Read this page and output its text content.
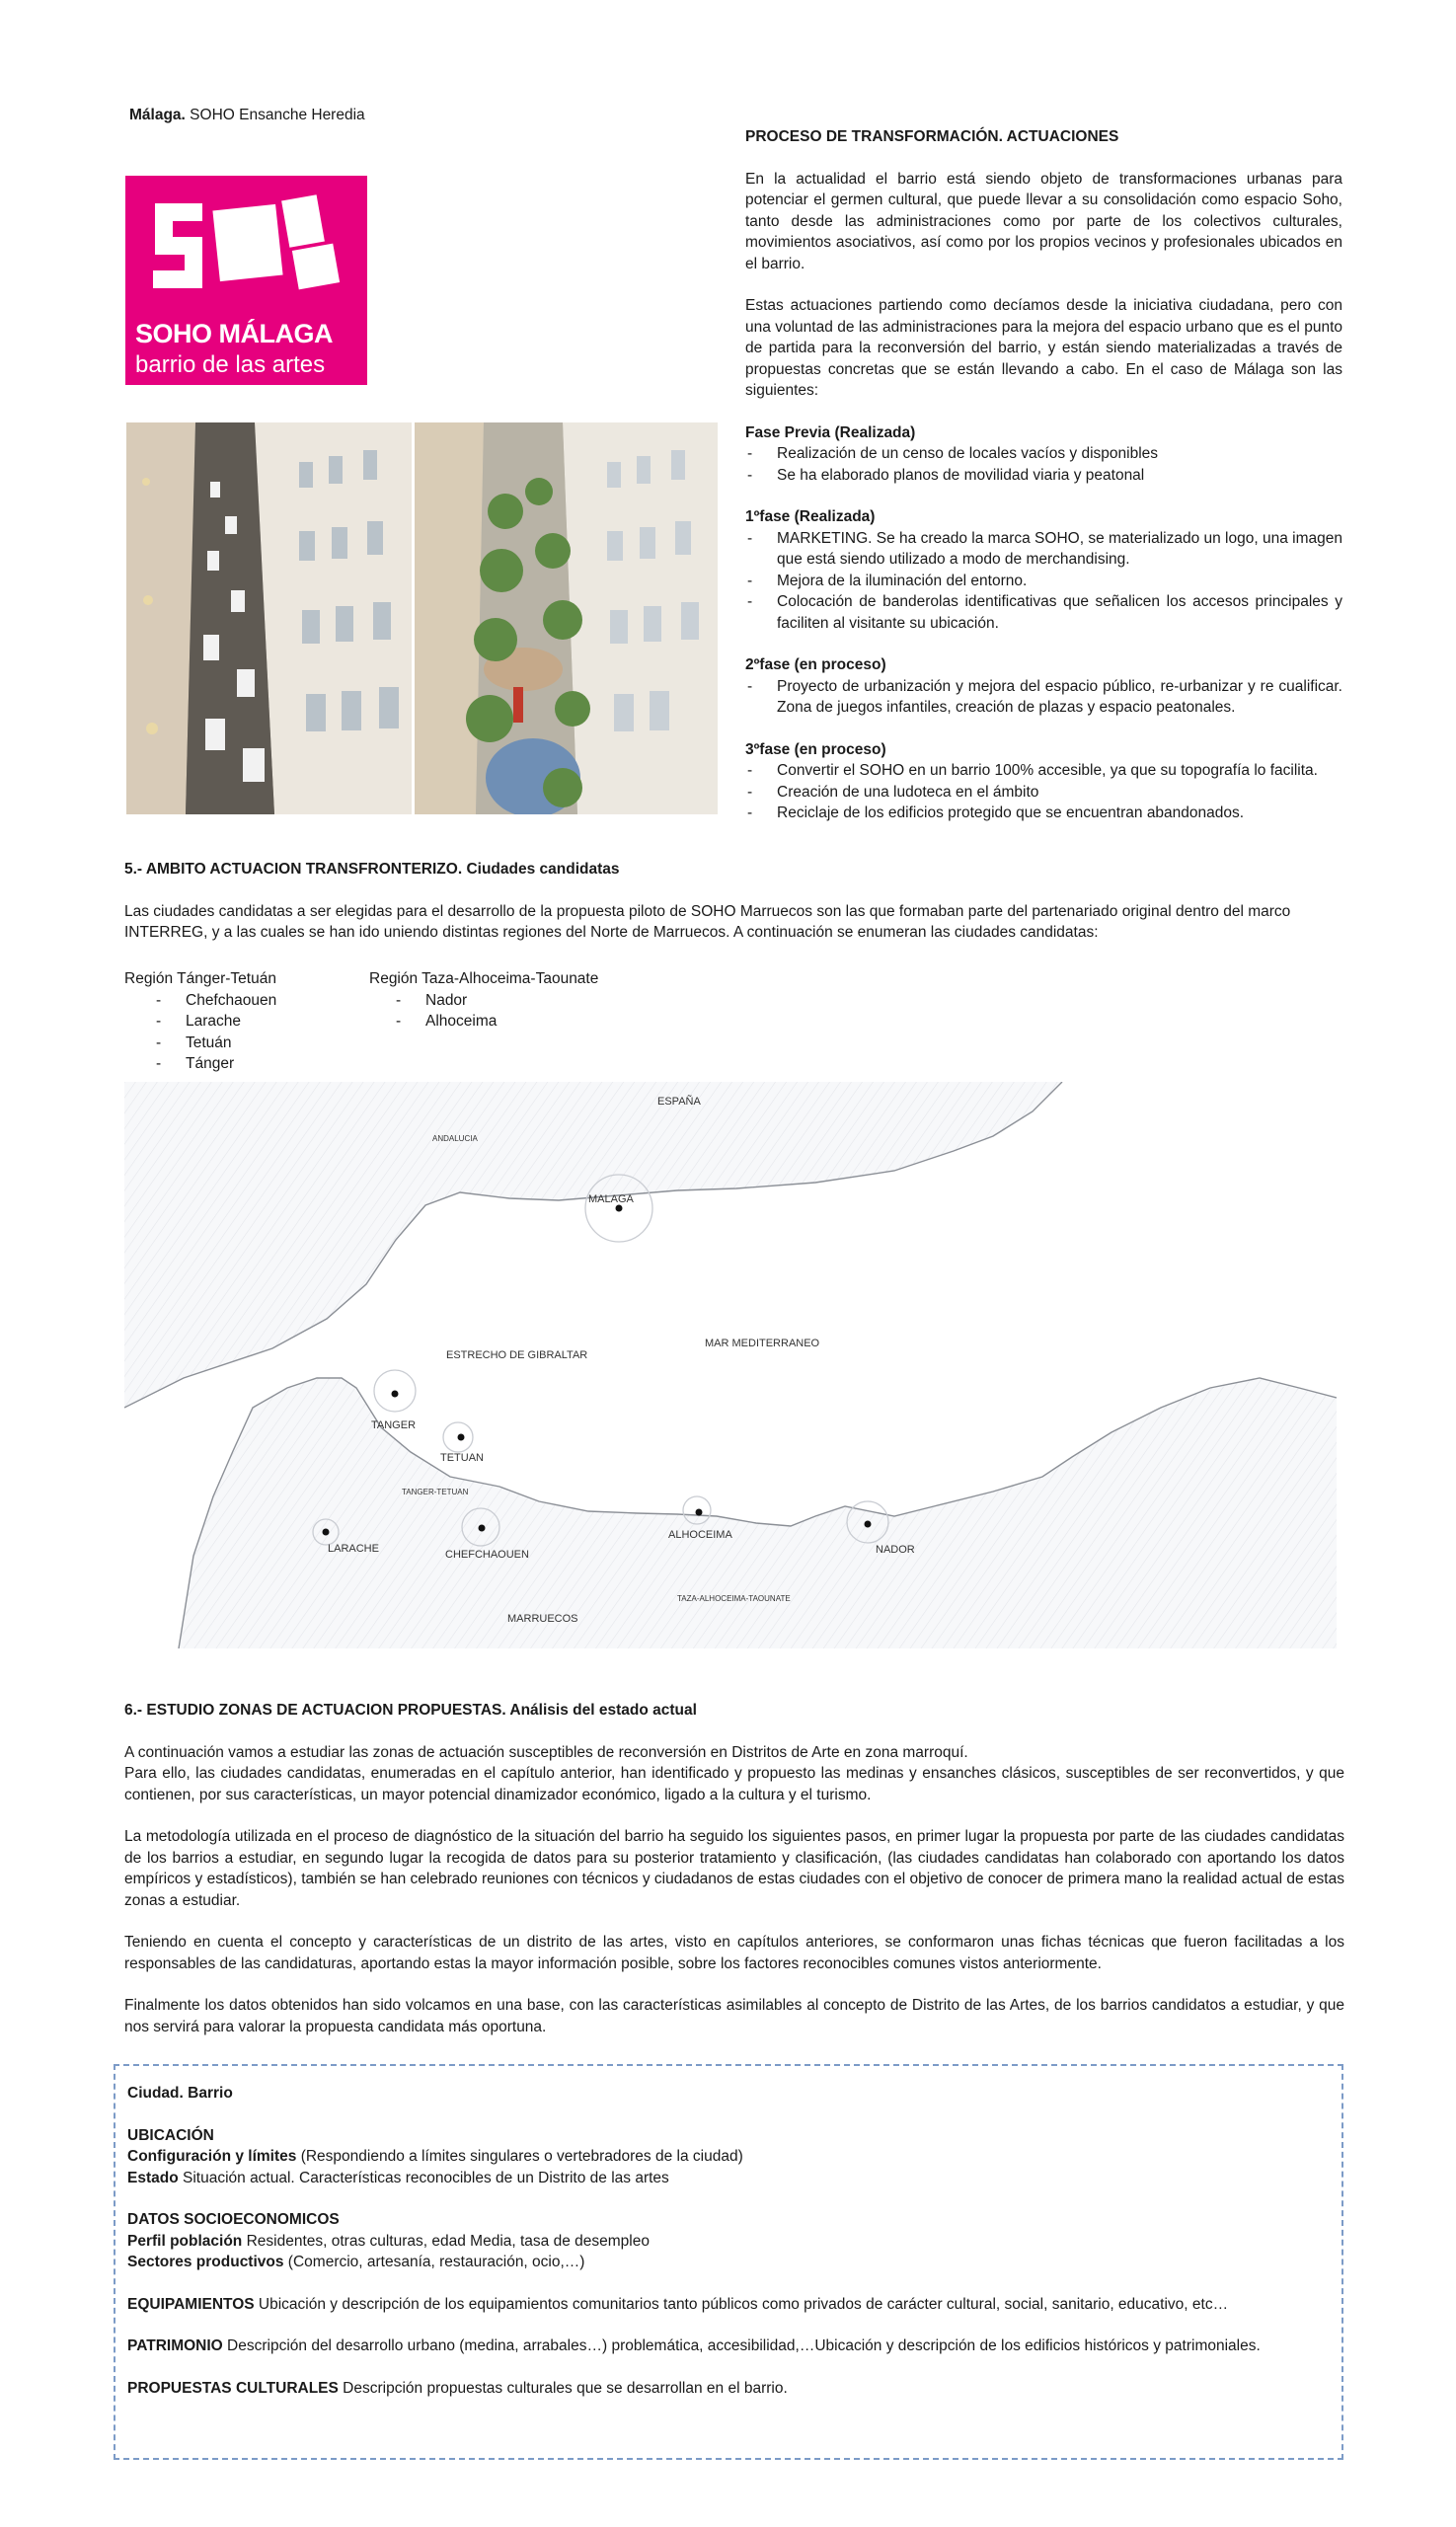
Málaga. SOHO Ensanche Heredia
SOHO MÁLAGA
barrio de las artes

PROCESO DE TRANSFORMACIÓN. ACTUACIONES

En la actualidad el barrio está siendo objeto de transformaciones urbanas para potenciar el germen cultural, que puede llevar a su consolidación como espacio Soho, tanto desde las administraciones como por parte de los colectivos culturales, movimientos asociativos, así como por los propios vecinos y profesionales ubicados en el barrio.

Estas actuaciones partiendo como decíamos desde la iniciativa ciudadana, pero con una voluntad de las administraciones para la mejora del espacio urbano que es el punto de partida para la reconversión del barrio, y están siendo materializadas a través de propuestas concretas que se están llevando a cabo. En el caso de Málaga son las siguientes:

Fase Previa (Realizada)

- Realización de un censo de locales vacíos y disponibles

- Se ha elaborado planos de movilidad viaria y peatonal

1ºfase (Realizada)

- MARKETING. Se ha creado la marca SOHO, se materializado un logo, una imagen que está siendo utilizado a modo de merchandising.

- Mejora de la iluminación del entorno.

- Colocación de banderolas identificativas que señalicen los accesos principales y faciliten al visitante su ubicación.

2ºfase (en proceso)

- Proyecto de urbanización y mejora del espacio público, re-urbanizar y re cualificar. Zona de juegos infantiles, creación de plazas y espacio peatonales.

3ºfase (en proceso)

- Convertir el SOHO en un barrio 100% accesible, ya que su topografía lo facilita.

- Creación de una ludoteca en el ámbito

- Reciclaje de los edificios protegido que se encuentran abandonados.

5.- AMBITO ACTUACION TRANSFRONTERIZO. Ciudades candidatas

Las ciudades candidatas a ser elegidas para el desarrollo de la propuesta piloto de SOHO Marruecos son las que formaban parte del partenariado original dentro del marco INTERREG, y a las cuales se han ido uniendo distintas regiones del Norte de Marruecos. A continuación se enumeran las ciudades candidatas:

Región Tánger-Tetuán

- Chefchaouen

- Larache

- Tetuán

- Tánger

Región Taza-Alhoceima-Taounate

- Nador

- Alhoceima

ESPAÑA
ANDALUCIA
MALAGA
ESTRECHO DE GIBRALTAR
MAR MEDITERRANEO
TANGER
TETUAN
TANGER-TETUAN
LARACHE	CHEFCHAOUEN
ALHOCEIMA
NADOR
TAZA-ALHOCEIMA-TAOUNATE
MARRUECOS

6.- ESTUDIO ZONAS DE ACTUACION PROPUESTAS. Análisis del estado actual

A continuación vamos a estudiar las zonas de actuación susceptibles de reconversión en Distritos de Arte en zona marroquí.

Para ello, las ciudades candidatas, enumeradas en el capítulo anterior, han identificado y propuesto las medinas y ensanches clásicos, susceptibles de ser reconvertidos, y que contienen, por sus características, un mayor potencial dinamizador económico, ligado a la cultura y el turismo.

La metodología utilizada en el proceso de diagnóstico de la situación del barrio ha seguido los siguientes pasos, en primer lugar la propuesta por parte de las ciudades candidatas de los barrios a estudiar, en segundo lugar la recogida de datos para su posterior tratamiento y clasificación, (las ciudades candidatas han colaborado con aportando los datos empíricos y estadísticos), también se han celebrado reuniones con técnicos y ciudadanos de estas ciudades con el objetivo de conocer de primera mano la realidad actual de estas zonas a estudiar.

Teniendo en cuenta el concepto y características de un distrito de las artes, visto en capítulos anteriores, se conformaron unas fichas técnicas que fueron facilitadas a los responsables de las candidaturas, aportando estas la mayor información posible, sobre los factores reconocibles comunes vistos anteriormente.

Finalmente los datos obtenidos han sido volcamos en una base, con las características asimilables al concepto de Distrito de las Artes, de los barrios candidatos a estudiar, y que nos servirá para valorar la propuesta candidata más oportuna.

Ciudad. Barrio

UBICACIÓN

Configuración y límites (Respondiendo a límites singulares o vertebradores de la ciudad)

Estado Situación actual. Características reconocibles de un Distrito de las artes

DATOS SOCIOECONOMICOS

Perfil población Residentes, otras culturas, edad Media, tasa de desempleo

Sectores productivos (Comercio, artesanía, restauración, ocio,…)

EQUIPAMIENTOS Ubicación y descripción de los equipamientos comunitarios tanto públicos como privados de carácter cultural, social, sanitario, educativo, etc…

PATRIMONIO Descripción del desarrollo urbano (medina, arrabales…) problemática, accesibilidad,…Ubicación y descripción de los edificios históricos y patrimoniales.

PROPUESTAS CULTURALES Descripción propuestas culturales que se desarrollan en el barrio.
